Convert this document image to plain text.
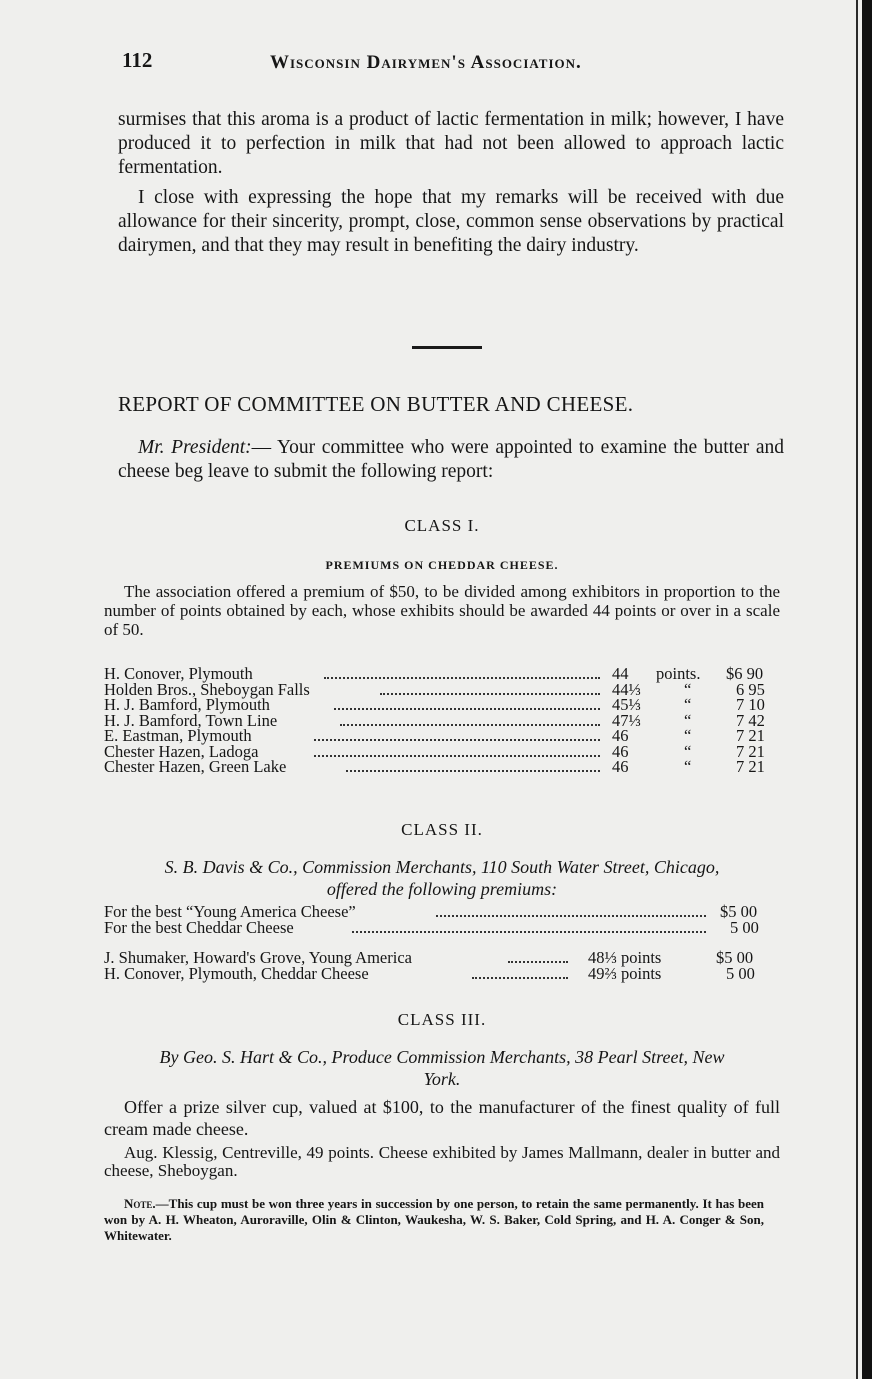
112	Wisconsin Dairymen's Association.

surmises that this aroma is a product of lactic fermentation in milk; however, I have produced it to perfection in milk that had not been allowed to approach lactic fermentation.

I close with expressing the hope that my remarks will be received with due allowance for their sincerity, prompt, close, common sense observations by practical dairymen, and that they may result in benefiting the dairy industry.

REPORT OF COMMITTEE ON BUTTER AND CHEESE.
Mr. President:— Your committee who were appointed to examine the butter and cheese beg leave to submit the following report:
CLASS I.
PREMIUMS ON CHEDDAR CHEESE.

The association offered a premium of $50, to be divided among exhibitors in proportion to the number of points obtained by each, whose exhibits should be awarded 44 points or over in a scale of 50.

H. Conover, Plymouth	44 points. $6 90
Holden Bros., Sheboygan Falls	44⅓	“	6 95
H. J. Bamford, Plymouth	45⅓	“	7 10
H. J. Bamford, Town Line	47⅓	“	7 42
E. Eastman, Plymouth	46	“	7 21
Chester Hazen, Ladoga	46	“	7 21
Chester Hazen, Green Lake	46	“	7 21
CLASS II.
S. B. Davis & Co., Commission Merchants, 110 South Water Street, Chicago,
offered the following premiums:
For the best “Young America Cheese”	$5 00
For the best Cheddar Cheese	5 00
J. Shumaker, Howard's Grove, Young America	48⅓ points	$5 00
H. Conover, Plymouth, Cheddar Cheese	49⅔ points	5 00
CLASS III.
By Geo. S. Hart & Co., Produce Commission Merchants, 38 Pearl Street, New
York.

Offer a prize silver cup, valued at $100, to the manufacturer of the finest quality of full cream made cheese.

Aug. Klessig, Centreville, 49 points. Cheese exhibited by James Mallmann, dealer in butter and cheese, Sheboygan.

Note.—This cup must be won three years in succession by one person, to retain the same permanently. It has been won by A. H. Wheaton, Auroraville, Olin & Clinton, Waukesha, W. S. Baker, Cold Spring, and H. A. Conger & Son, Whitewater.
